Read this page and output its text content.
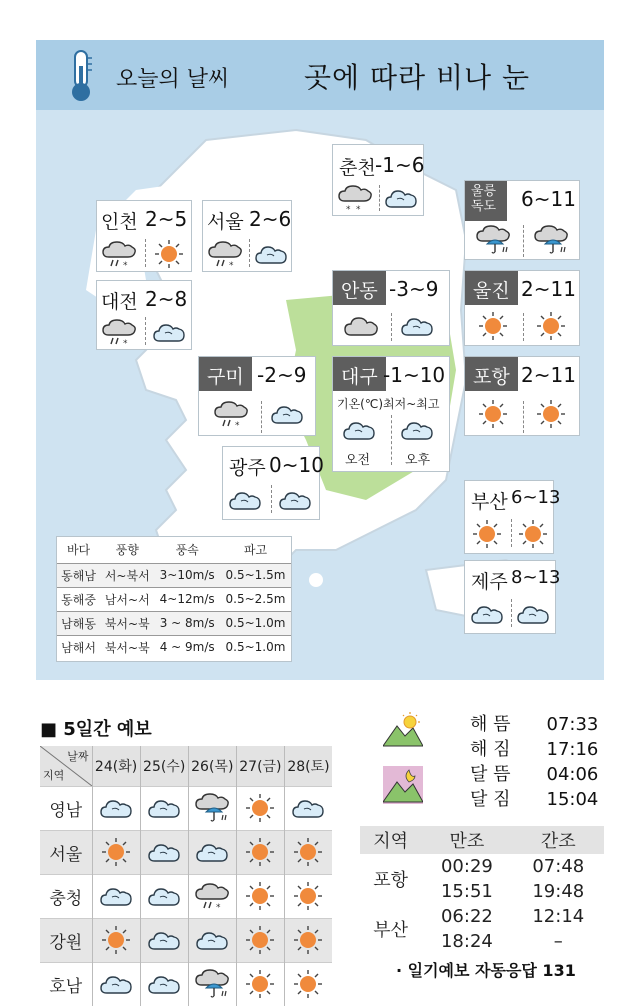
오늘의 날씨	곳에 따라 비나 눈
춘천 -1~6
울릉
독도	6~11
인천 2~5 서울 2~6
대전 2~8	안동 -3~9	울진 2~11
구미 -2~9	대구 -1~10
기온(℃)최저~최고
오전	오후
포항 2~11
광주 0~10
부산 6~13
제주 8~13
바다	풍향	풍속	파고
동해남	서~북서	3~10m/s	0.5~1.5m
동해중	남서~서	4~12m/s	0.5~2.5m
남해동	북서~북	3 ~ 8m/s	0.5~1.0m
남해서	북서~북	4 ~ 9m/s	0.5~1.0m
■ 5일간 예보
날짜
지역	24(화)	25(수)	26(목)	27(금)	28(토)
영남					
서울					
충청					
강원					
호남					
해 뜸 07:33
해 짐 17:16
달 뜸 04:06
달 짐 15:04
지역	만조	간조
포항	00:29	07:48
	15:51	19:48
부산	06:22	12:14
	18:24	–
· 일기예보 자동응답 131
